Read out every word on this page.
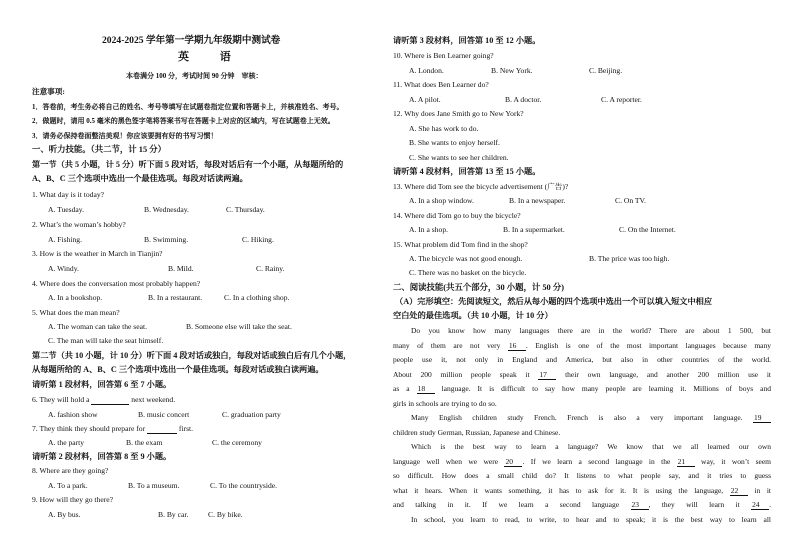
2024-2025 学年第一学期九年级期中测试卷
英 语
本卷满分 100 分，考试时间 90 分钟　审核：
注意事项:
1．答卷前，考生务必将自己的姓名、考号等填写在试题卷指定位置和答题卡上，并核准姓名、考号。
2．做题时，请用 0.5 毫米的黑色签字笔将答案书写在答题卡上对应的区域内，写在试题卷上无效。
3．请务必保持卷面整洁美观！你应该要拥有好的书写习惯！
一、听力技能。（共二节，计 15 分）
第一节（共 5 小题，计 5 分）听下面 5 段对话，每段对话后有一个小题，从每题所给的
A、B、C 三个选项中选出一个最佳选项。每段对话读两遍。
1. What day is it today?
A. Tuesday.	B. Wednesday.	C. Thursday.
2. What’s the woman’s hobby?
A. Fishing.	B. Swimming.	C. Hiking.
3. How is the weather in March in Tianjin?
A. Windy.	B. Mild.	C. Rainy.
4. Where does the conversation most probably happen?
A. In a bookshop.	B. In a restaurant.	C. In a clothing shop.
5. What does the man mean?
A. The woman can take the seat.	B. Someone else will take the seat.
C. The man will take the seat himself.
第二节（共 10 小题，计 10 分）听下面 4 段对话或独白，每段对话或独白后有几个小题，
从每题所给的 A、B、C 三个选项中选出一个最佳选项。每段对话或独白读两遍。
请听第 1 段材料，回答第 6 至 7 小题。
6. They will hold a	next weekend.
A. fashion show	B. music concert	C. graduation party
7. They think they should prepare for	first.
A. the party	B. the exam	C. the ceremony
请听第 2 段材料，回答第 8 至 9 小题。
8. Where are they going?
A. To a park.	B. To a museum.	C. To the countryside.
9. How will they go there?
A. By bus.	B. By car.	C. By bike.
请听第 3 段材料，回答第 10 至 12 小题。
10. Where is Ben Learner going?
A. London.	B. New York.	C. Beijing.
11. What does Ben Learner do?
A. A pilot.	B. A doctor.	C. A reporter.
12. Why does Jane Smith go to New York?
A. She has work to do.
B. She wants to enjoy herself.
C. She wants to see her children.
请听第 4 段材料，回答第 13 至 15 小题。
13. Where did Tom see the bicycle advertisement (广告)?
A. In a shop window.	B. In a newspaper.	C. On TV.
14. Where did Tom go to buy the bicycle?
A. In a shop.	B. In a supermarket.	C. On the Internet.
15. What problem did Tom find in the shop?
A. The bicycle was not good enough.	B. The price was too high.
C. There was no basket on the bicycle.
二、阅读技能(共五个部分，30 小题，计 50 分)
（A）完形填空：先阅读短文，然后从每小题的四个选项中选出一个可以填入短文中相应
空白处的最佳选项。（共 10 小题，计 10 分）
Do you know how many languages there are in the world? There are about 1 500, but
many of them are not very 16 . English is one of the most important languages because many
people use it, not only in England and America, but also in other countries of the world.
About 200 million people speak it 17 their own language, and another 200 million use it
as a 18 language. It is difficult to say how many people are learning it. Millions of boys and
girls in schools are trying to do so.
Many English children study French. French is also a very important language. 19
children study German, Russian, Japanese and Chinese.
Which is the best way to learn a language? We know that we all learned our own
language well when we were 20 . If we learn a second language in the 21 way, it won’t seem
so difficult. How does a small child do? It listens to what people say, and it tries to guess
what it hears. When it wants something, it has to ask for it. It is using the language, 22 in it
and talking in it. If we learn a second language 23 , they will learn it 24 .
In school, you learn to read, to write, to hear and to speak; it is the best way to learn all
